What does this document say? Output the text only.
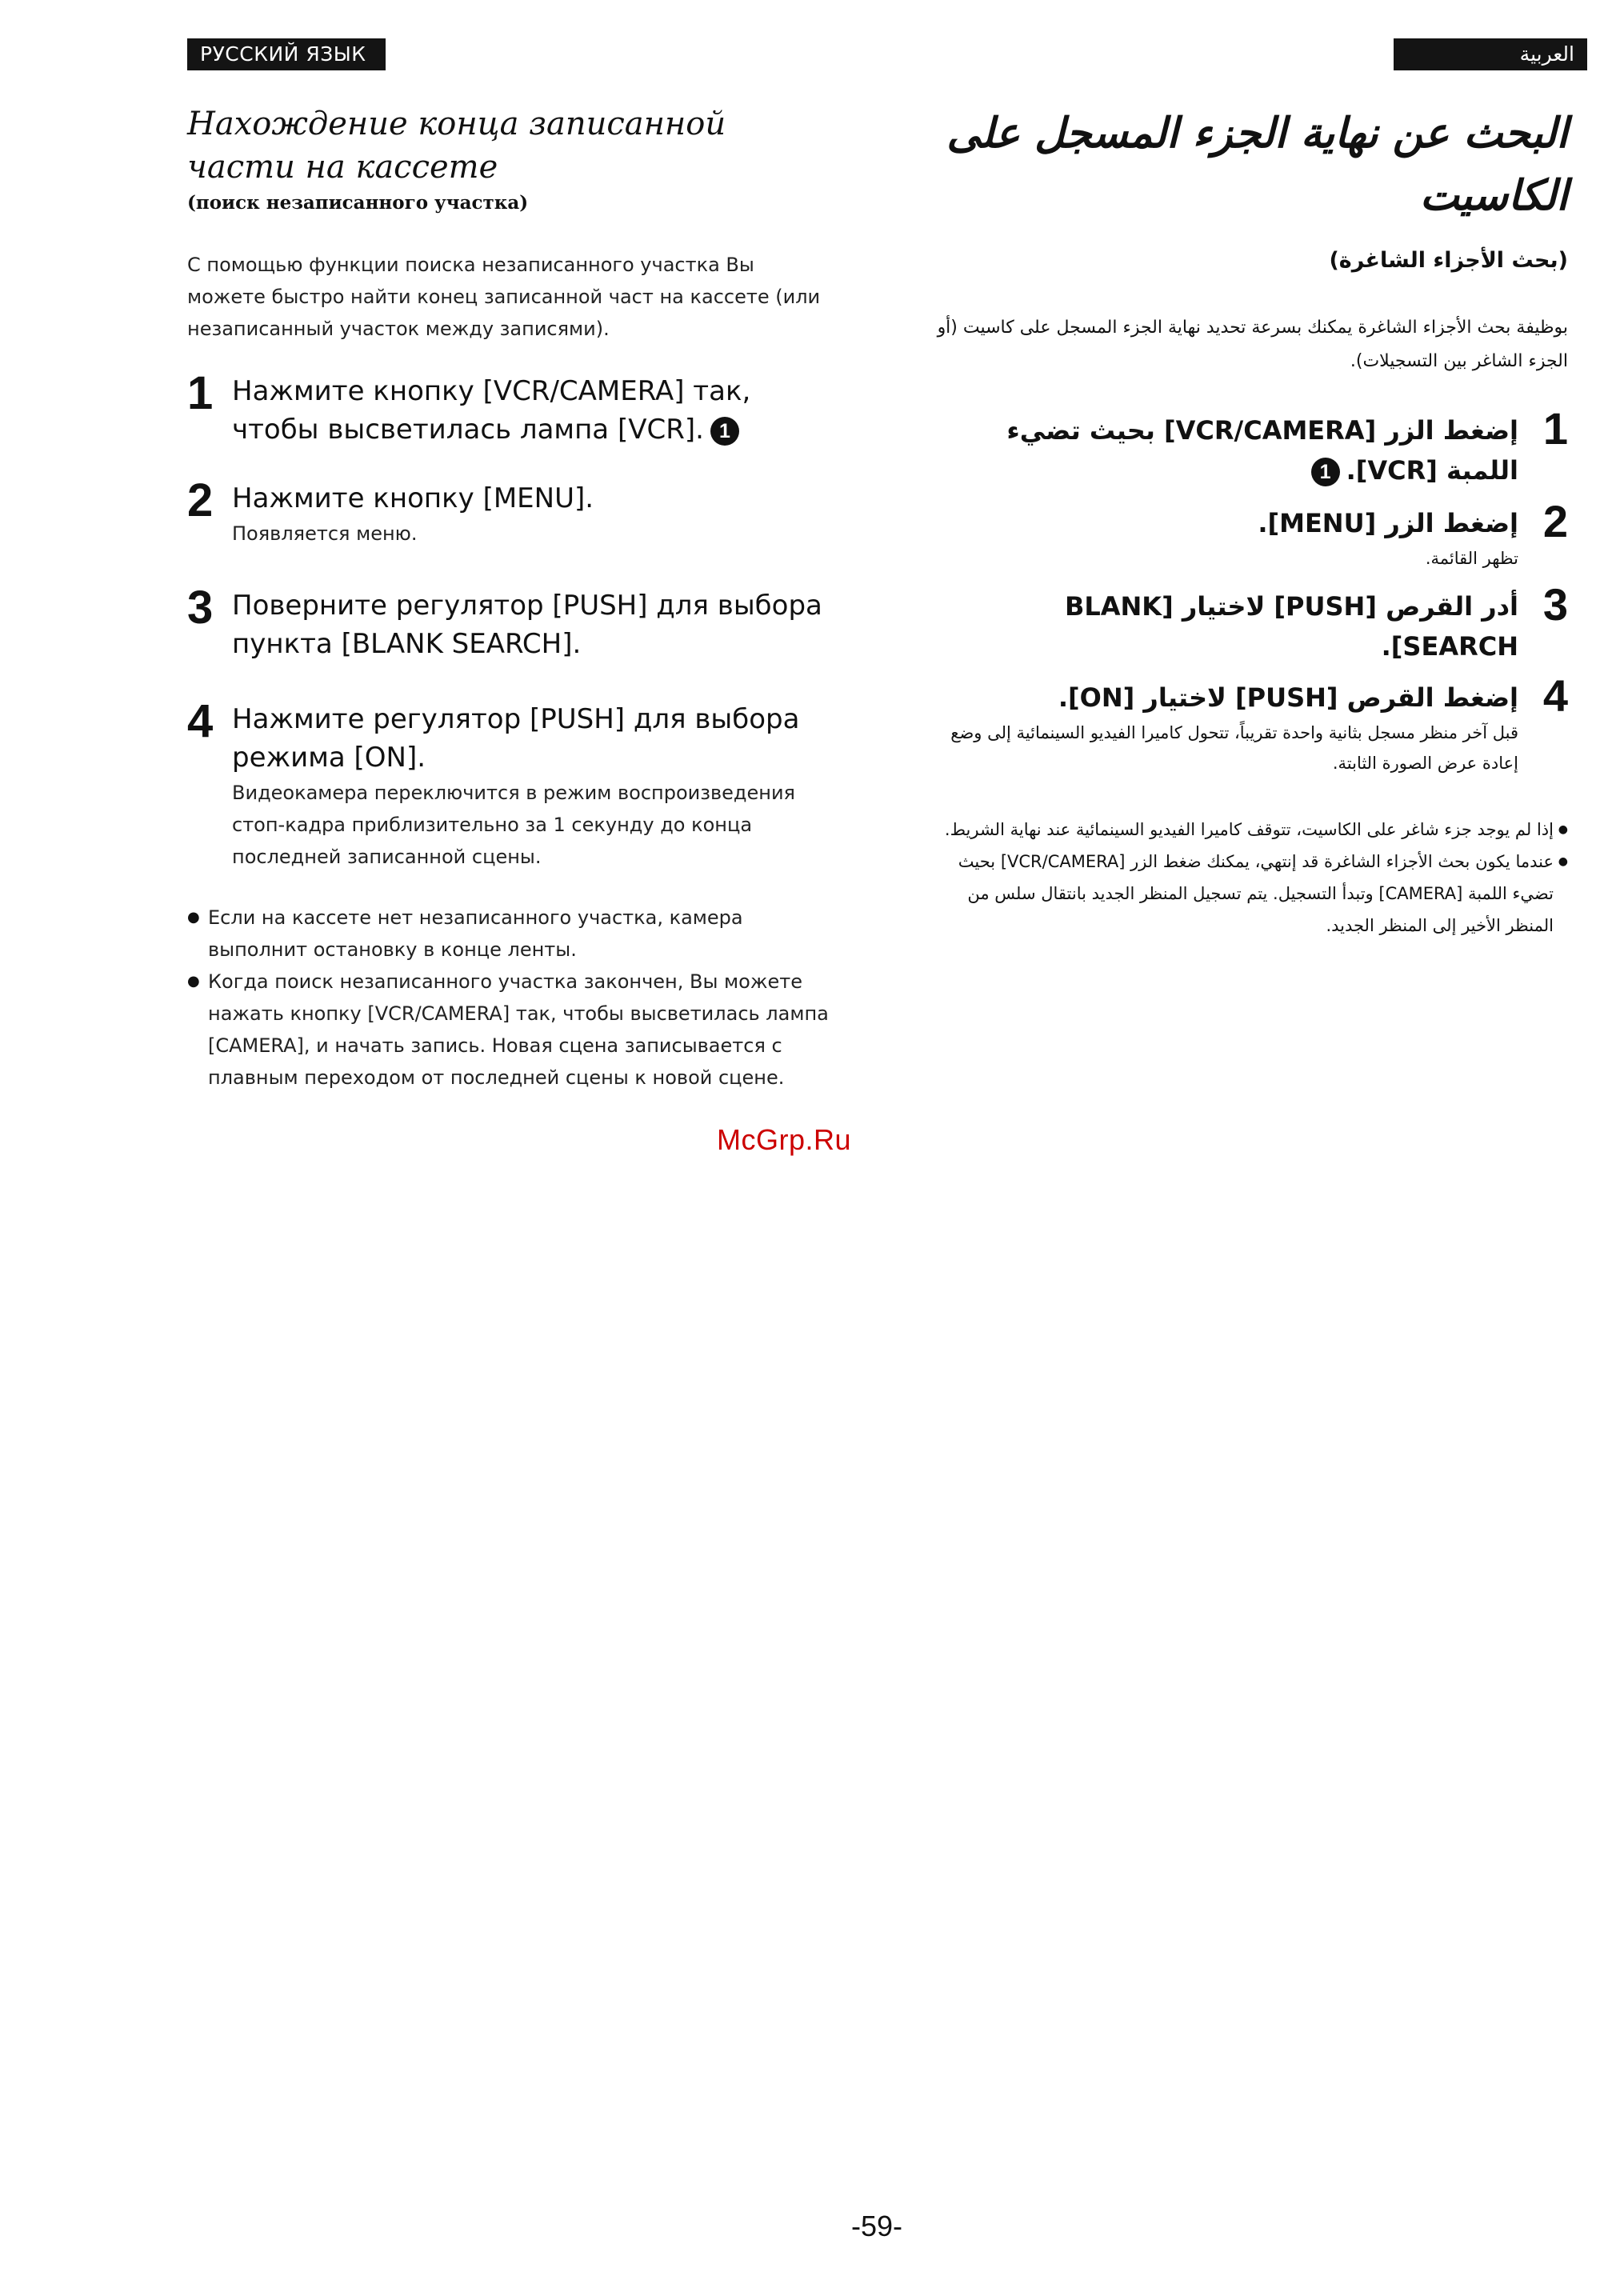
РУССКИЙ ЯЗЫК	العربية
Нахождение конца записанной части на кассете
(поиск незаписанного участка)

С помощью функции поиска незаписанного участка Вы можете быстро найти конец записанной част на кассете (или незаписанный участок между записями).

1 Нажмите кнопку [VCR/CAMERA] так, чтобы высветилась лампа [VCR]. 1
2 Нажмите кнопку [MENU].
Появляется меню.
3 Поверните регулятор [PUSH] для выбора пункта [BLANK SEARCH].
4 Нажмите регулятор [PUSH] для выбора режима [ON].
Видеокамера переключится в режим воспроизведения стоп-кадра приблизительно за 1 секунду до конца последней записанной сцены.
● Если на кассете нет незаписанного участка, камера выполнит остановку в конце ленты.
● Когда поиск незаписанного участка закончен, Вы можете нажать кнопку [VCR/CAMERA] так, чтобы высветилась лампа [CAMERA], и начать запись. Новая сцена записывается с плавным переходом от последней сцены к новой сцене.
البحث عن نهاية الجزء المسجل على الكاسيت
(بحث الأجزاء الشاغرة)

بوظيفة بحث الأجزاء الشاغرة يمكنك بسرعة تحديد نهاية الجزء المسجل على كاسيت (أو الجزء الشاغر بين التسجيلات).

1
إضغط الزر [VCR/CAMERA] بحيث تضيء اللمبة [VCR].1
2
إضغط الزر [MENU].
تظهر القائمة.
3
أدر القرص [PUSH] لاختيار [BLANK SEARCH].
4
إضغط القرص [PUSH] لاختيار [ON].
قبل آخر منظر مسجل بثانية واحدة تقريباً، تتحول كاميرا الفيديو السينمائية إلى وضع إعادة عرض الصورة الثابتة.
● إذا لم يوجد جزء شاغر على الكاسيت، تتوقف كاميرا الفيديو السينمائية عند نهاية الشريط.
● عندما يكون بحث الأجزاء الشاغرة قد إنتهي، يمكنك ضغط الزر [VCR/CAMERA] بحيث تضيء اللمبة [CAMERA] وتبدأ التسجيل. يتم تسجيل المنظر الجديد بانتقال سلس من المنظر الأخير إلى المنظر الجديد.
McGrp.Ru
-59-
